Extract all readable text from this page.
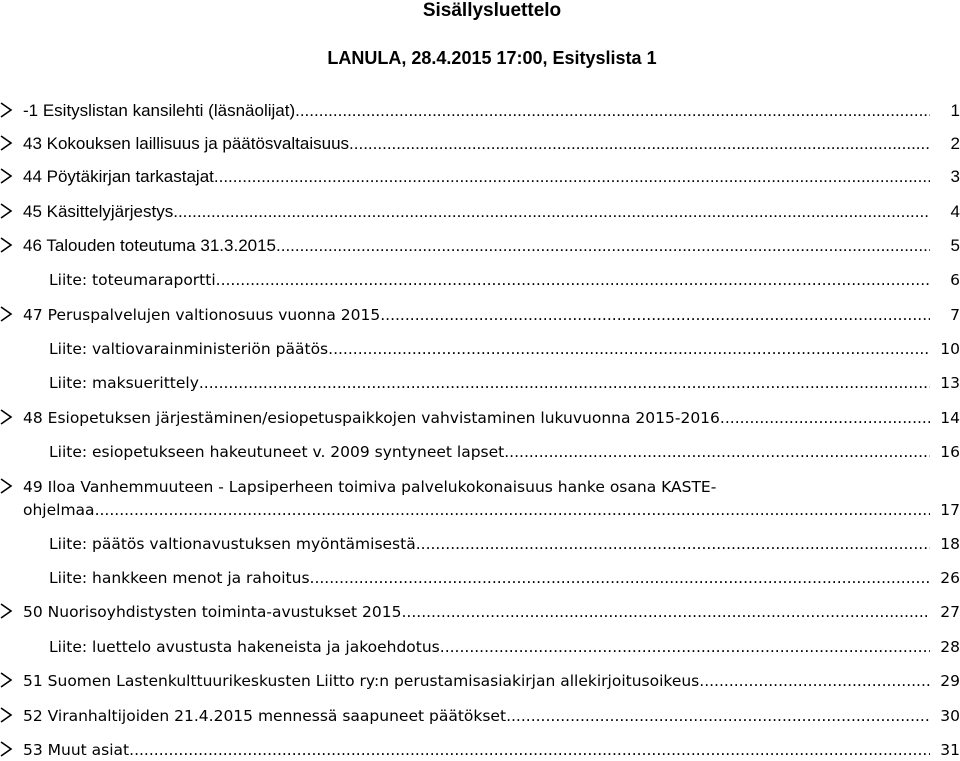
Sisällysluettelo
LANULA, 28.4.2015 17:00, Esityslista 1
-1 Esityslistan kansilehti (läsnäolijat) .....	1
43 Kokouksen laillisuus ja päätösvaltaisuus .....	2
44 Pöytäkirjan tarkastajat .....	3
45 Käsittelyjärjestys .....	4
46 Talouden toteutuma 31.3.2015 .....	5
Liite: toteumaraportti .....	6
47 Peruspalvelujen valtionosuus vuonna 2015 .....	7
Liite: valtiovarainministeriön päätös .....	10
Liite: maksuerittely .....	13
48 Esiopetuksen järjestäminen/esiopetuspaikkojen vahvistaminen lukuvuonna 2015-2016 .....	14
Liite: esiopetukseen hakeutuneet v. 2009 syntyneet lapset .....	16
49 Iloa Vanhemmuuteen - Lapsiperheen toimiva palvelukokonaisuus hanke osana KASTE-
ohjelmaa .....	17
Liite: päätös valtionavustuksen myöntämisestä .....	18
Liite: hankkeen menot ja rahoitus .....	26
50 Nuorisoyhdistysten toiminta-avustukset 2015 .....	27
Liite: luettelo avustusta hakeneista ja jakoehdotus .....	28
51 Suomen Lastenkulttuurikeskusten Liitto ry:n perustamisasiakirjan allekirjoitusoikeus .....	29
52 Viranhaltijoiden 21.4.2015 mennessä saapuneet päätökset .....	30
53 Muut asiat .....	31
